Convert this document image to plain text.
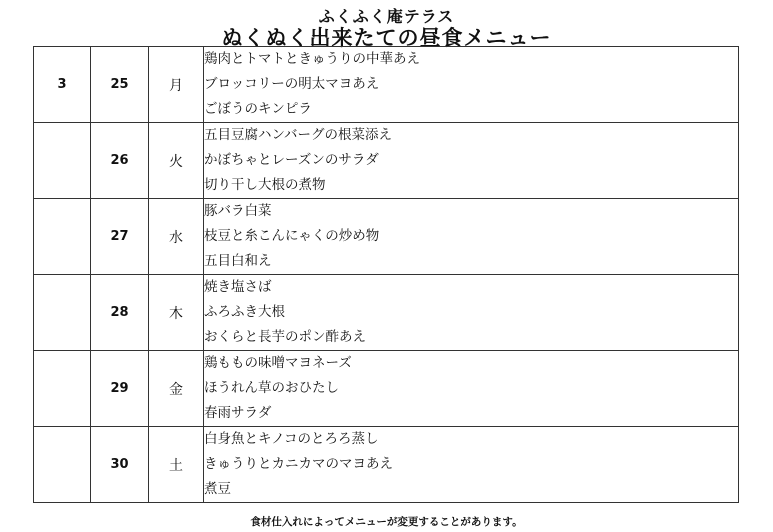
ふくふく庵テラス
ぬくぬく出来たての昼食メニュー
3	25	月	鶏肉とトマトときゅうりの中華あえ
ブロッコリーの明太マヨあえ
ごぼうのキンピラ

	26	火	五目豆腐ハンバーグの根菜添え
かぼちゃとレーズンのサラダ
切り干し大根の煮物

	27	水	豚バラ白菜
枝豆と糸こんにゃくの炒め物
五目白和え

	28	木	焼き塩さば
ふろふき大根
おくらと長芋のポン酢あえ

	29	金	鶏ももの味噌マヨネーズ
ほうれん草のおひたし
春雨サラダ

	30	土	白身魚とキノコのとろろ蒸し
きゅうりとカニカマのマヨあえ
煮豆
食材仕入れによってメニューが変更することがあります。
